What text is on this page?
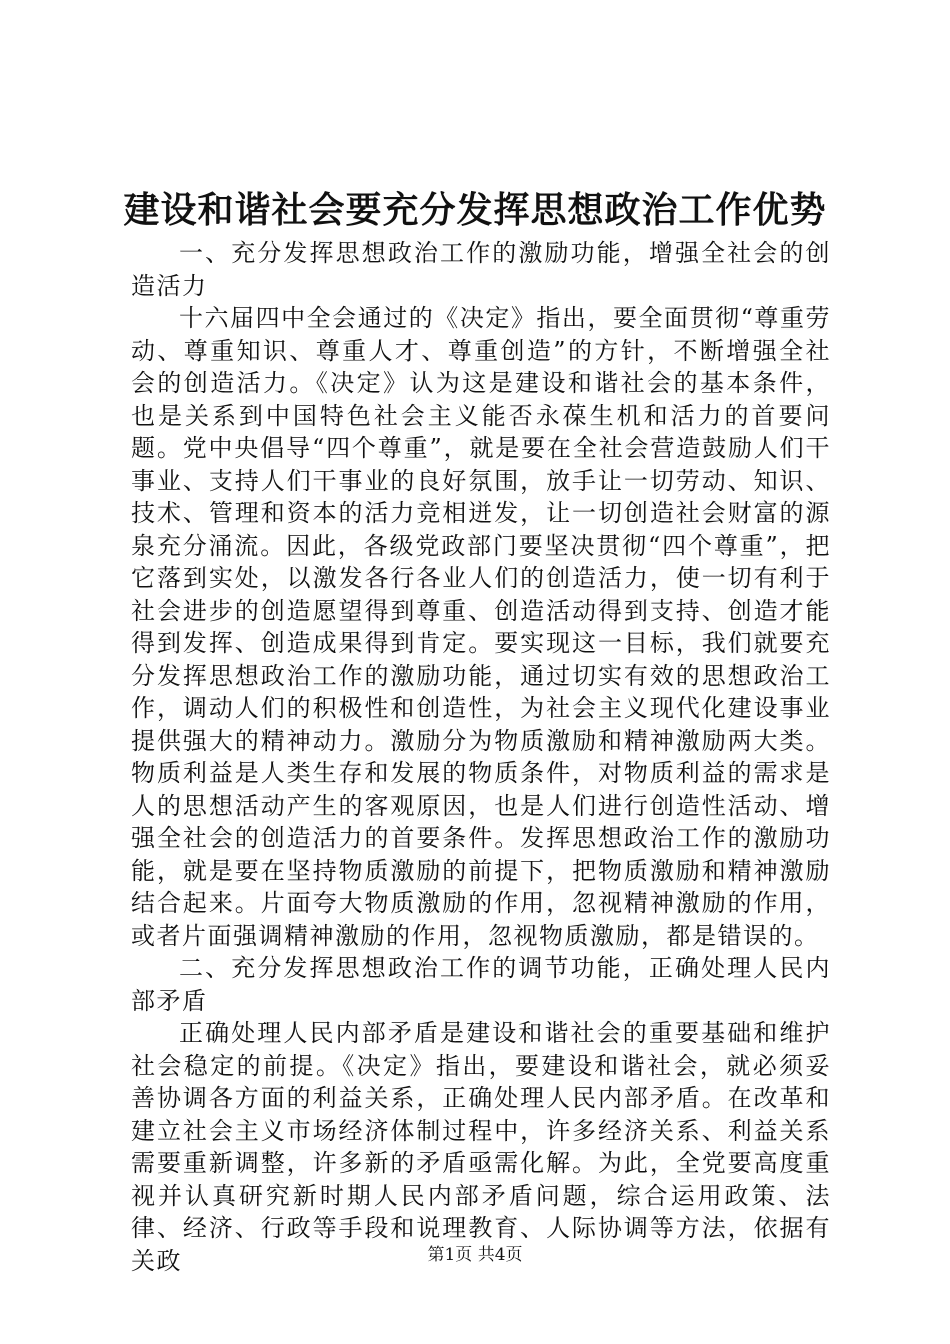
建设和谐社会要充分发挥思想政治工作优势

一、充分发挥思想政治工作的激励功能，增强全社会的创造活力

十六届四中全会通过的《决定》指出，要全面贯彻“尊重劳动、尊重知识、尊重人才、尊重创造”的方针，不断增强全社会的创造活力。《决定》认为这是建设和谐社会的基本条件，也是关系到中国特色社会主义能否永葆生机和活力的首要问题。党中央倡导“四个尊重”，就是要在全社会营造鼓励人们干事业、支持人们干事业的良好氛围，放手让一切劳动、知识、技术、管理和资本的活力竞相迸发，让一切创造社会财富的源泉充分涌流。因此，各级党政部门要坚决贯彻“四个尊重”，把它落到实处，以激发各行各业人们的创造活力，使一切有利于社会进步的创造愿望得到尊重、创造活动得到支持、创造才能得到发挥、创造成果得到肯定。要实现这一目标，我们就要充分发挥思想政治工作的激励功能，通过切实有效的思想政治工作，调动人们的积极性和创造性，为社会主义现代化建设事业提供强大的精神动力。激励分为物质激励和精神激励两大类。物质利益是人类生存和发展的物质条件，对物质利益的需求是人的思想活动产生的客观原因，也是人们进行创造性活动、增强全社会的创造活力的首要条件。发挥思想政治工作的激励功能，就是要在坚持物质激励的前提下，把物质激励和精神激励结合起来。片面夸大物质激励的作用，忽视精神激励的作用，或者片面强调精神激励的作用，忽视物质激励，都是错误的。

二、充分发挥思想政治工作的调节功能，正确处理人民内部矛盾

正确处理人民内部矛盾是建设和谐社会的重要基础和维护社会稳定的前提。《决定》指出，要建设和谐社会，就必须妥善协调各方面的利益关系，正确处理人民内部矛盾。在改革和建立社会主义市场经济体制过程中，许多经济关系、利益关系需要重新调整，许多新的矛盾亟需化解。为此，全党要高度重视并认真研究新时期人民内部矛盾问题，综合运用政策、法律、经济、行政等手段和说理教育、人际协调等方法，依据有关政	第1页 共4页
